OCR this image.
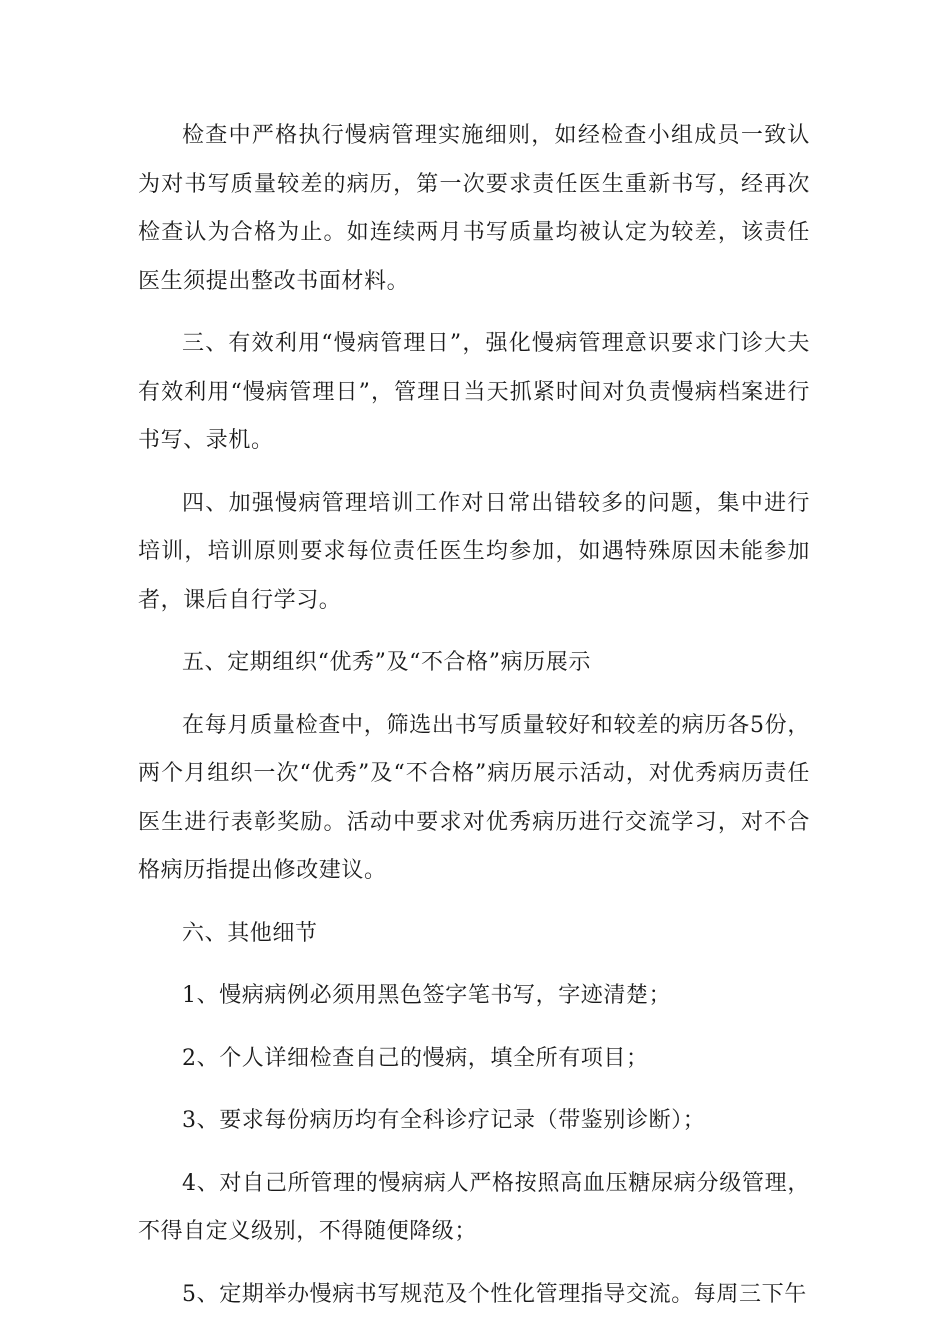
检查中严格执行慢病管理实施细则，如经检查小组成员一致认为对书写质量较差的病历，第一次要求责任医生重新书写，经再次检查认为合格为止。如连续两月书写质量均被认定为较差，该责任医生须提出整改书面材料。

三、有效利用“慢病管理日”，强化慢病管理意识要求门诊大夫有效利用“慢病管理日”，管理日当天抓紧时间对负责慢病档案进行书写、录机。

四、加强慢病管理培训工作对日常出错较多的问题，集中进行培训，培训原则要求每位责任医生均参加，如遇特殊原因未能参加者，课后自行学习。

五、定期组织“优秀”及“不合格”病历展示

在每月质量检查中，筛选出书写质量较好和较差的病历各5份，两个月组织一次“优秀”及“不合格”病历展示活动，对优秀病历责任医生进行表彰奖励。活动中要求对优秀病历进行交流学习，对不合格病历指提出修改建议。

六、其他细节

1、慢病病例必须用黑色签字笔书写，字迹清楚；

2、个人详细检查自己的慢病，填全所有项目；

3、要求每份病历均有全科诊疗记录（带鉴别诊断）；

4、对自己所管理的慢病病人严格按照高血压糖尿病分级管理，不得自定义级别，不得随便降级；

5、定期举办慢病书写规范及个性化管理指导交流。每周三下午
